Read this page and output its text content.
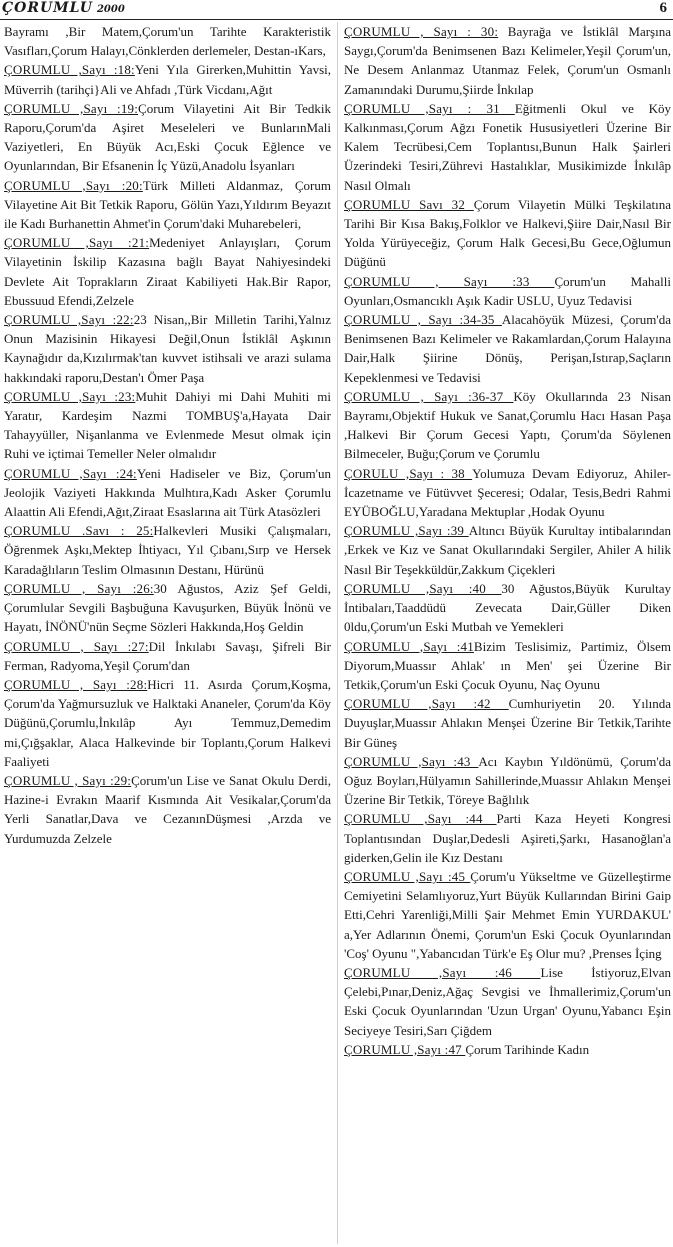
ÇORUMLU 2000	6

Bayramı ,Bir Matem,Çorum'un Tarihte Karakteristik Vasıfları,Çorum Halayı,Cönklerden derlemeler, Destan-ıKars,

ÇORUMLU ,Sayı :18:Yeni Yıla Girerken,Muhittin Yavsi, Müverrih (tarihçi}Ali ve Ahfadı ,Türk Vicdanı,Ağıt

ÇORUMLU ,Sayı :19:Çorum Vilayetini Ait Bir Tedkik Raporu,Çorum'da Aşiret Meseleleri ve BunlarınMali Vaziyetleri, En Büyük Acı,Eski Çocuk Eğlence ve Oyunlarından, Bir Efsanenin İç Yüzü,Anadolu İsyanları

ÇORUMLU ,Sayı :20:Türk Milleti Aldanmaz, Çorum Vilayetine Ait Bit Tetkik Raporu, Gölün Yazı,Yıldırım Beyazıt ile Kadı Burhanettin Ahmet'in Çorum'daki Muharebeleri,

ÇORUMLU ,Sayı :21:Medeniyet Anlayışları, Çorum Vilayetinin İskilip Kazasına bağlı Bayat Nahiyesindeki Devlete Ait Toprakların Ziraat Kabiliyeti Hak.Bir Rapor, Ebussuud Efendi,Zelzele

ÇORUMLU ,Sayı :22:23 Nisan,,Bir Milletin Tarihi,Yalnız Onun Mazisinin Hikayesi Değil,Onun İstiklâl Aşkının Kaynağıdır da,Kızılırmak'tan kuvvet istihsali ve arazi sulama hakkındaki raporu,Destan'ı Ömer Paşa

ÇORUMLU ,Sayı :23:Muhit Dahiyi mi Dahi Muhiti mi Yaratır, Kardeşim Nazmi TOMBUŞ'a,Hayata Dair Tahayyüller, Nişanlanma ve Evlenmede Mesut olmak için Ruhi ve içtimai Temeller Neler olmalıdır

ÇORUMLU ,Sayı :24:Yeni Hadiseler ve Biz, Çorum'un Jeolojik Vaziyeti Hakkında Mulhtıra,Kadı Asker Çorumlu Alaattin Ali Efendi,Ağıt,Ziraat Esaslarına ait Türk Atasözleri

ÇORUMLU .Savı : 25:Halkevleri Musiki Çalışmaları, Öğrenmek Aşkı,Mektep İhtiyacı, Yıl Çıbanı,Sırp ve Hersek Karadağlıların Teslim Olmasının Destanı, Hürünü

ÇORUMLU , Sayı :26:30 Ağustos, Aziz Şef Geldi, Çorumlular Sevgili Başbuğuna Kavuşurken, Büyük İnönü ve Hayatı, İNÖNÜ'nün Seçme Sözleri Hakkında,Hoş Geldin

ÇORUMLU , Sayı :27:Dil İnkılabı Savaşı, Şifreli Bir Ferman, Radyoma,Yeşil Çorum'dan

ÇORUMLU , Sayı :28:Hicri 11. Asırda Çorum,Koşma, Çorum'da Yağmursuzluk ve Halktaki Ananeler, Çorum'da Köy Düğünü,Çorumlu,İnkılâp Ayı Temmuz,Demedim mi,Çığşaklar, Alaca Halkevinde bir Toplantı,Çorum Halkevi Faaliyeti

ÇORUMLU , Sayı :29:Çorum'un Lise ve Sanat Okulu Derdi, Hazine-i Evrakın Maarif Kısmında Ait Vesikalar,Çorum'da Yerli Sanatlar,Dava ve CezanınDüşmesi ,Arzda ve Yurdumuzda Zelzele

ÇORUMLU , Sayı : 30: Bayrağa ve İstiklâl Marşına Saygı,Çorum'da Benimsenen Bazı Kelimeler,Yeşil Çorum'un, Ne Desem Anlanmaz Utanmaz Felek, Çorum'un Osmanlı Zamanındaki Durumu,Şiirde İnkılap

ÇORUMLU ,Sayı : 31 Eğitmenli Okul ve Köy Kalkınması,Çorum Ağzı Fonetik Hususiyetleri Üzerine Bir Kalem Tecrübesi,Cem Toplantısı,Bunun Halk Şairleri Üzerindeki Tesiri,Zührevi Hastalıklar, Musikimizde İnkılâp Nasıl Olmalı

ÇORUMLU Savı 32 Çorum Vilayetin Mülki Teşkilatına Tarihi Bir Kısa Bakış,Folklor ve Halkevi,Şiire Dair,Nasıl Bir Yolda Yürüyeceğiz, Çorum Halk Gecesi,Bu Gece,Oğlumun Düğünü

ÇORUMLU , Sayı :33 Çorum'un Mahalli Oyunları,Osmancıklı Aşık Kadir USLU, Uyuz Tedavisi

ÇORUMLU , Sayı :34-35 Alacahöyük Müzesi, Çorum'da Benimsenen Bazı Kelimeler ve Rakamlardan,Çorum Halayına Dair,Halk Şiirine Dönüş, Perişan,Istırap,Saçların Kepeklenmesi ve Tedavisi

ÇORUMLU , Sayı :36-37 Köy Okullarında 23 Nisan Bayramı,Objektif Hukuk ve Sanat,Çorumlu Hacı Hasan Paşa ,Halkevi Bir Çorum Gecesi Yaptı, Çorum'da Söylenen Bilmeceler, Buğu;Çorum ve Çorumlu

ÇORULU ,Sayı : 38 Yolumuza Devam Ediyoruz, Ahiler-İcazetname ve Fütüvvet Şeceresi; Odalar, Tesis,Bedri Rahmi EYÜBOĞLU,Yaradana Mektuplar ,Hodak Oyunu

ÇORUMLU ,Sayı :39 Altıncı Büyük Kurultay intibalarından ,Erkek ve Kız ve Sanat Okullarındaki Sergiler, Ahiler A hilik Nasıl Bir Teşekküldür,Zakkum Çiçekleri

ÇORUMLU ,Sayı :40 30 Ağustos,Büyük Kurultay İntibaları,Taaddüdü Zevecata Dair,Güller Diken 0ldu,Çorum'un Eski Mutbah ve Yemekleri

ÇORUMLU ,Sayı :41Bizim Teslisimiz, Partimiz, Ölsem Diyorum,Muassır Ahlak' ın Men' şei Üzerine Bir Tetkik,Çorum'un Eski Çocuk Oyunu, Naç Oyunu

ÇORUMLU ,Sayı :42 Cumhuriyetin 20. Yılında Duyuşlar,Muassır Ahlakın Menşei Üzerine Bir Tetkik,Tarihte Bir Güneş

ÇORUMLU ,Sayı :43 Acı Kaybın Yıldönümü, Çorum'da Oğuz Boyları,Hülyamın Sahillerinde,Muassır Ahlakın Menşei Üzerine Bir Tetkik, Töreye Bağlılık

ÇORUMLU ,Sayı :44 Parti Kaza Heyeti Kongresi Toplantısından Duşlar,Dedesli Aşireti,Şarkı, Hasanoğlan'a giderken,Gelin ile Kız Destanı

ÇORUMLU ,Sayı :45 Çorum'u Yükseltme ve Güzelleştirme Cemiyetini Selamlıyoruz,Yurt Büyük Kullarından Birini Gaip Etti,Cehri Yarenliği,Milli Şair Mehmet Emin YURDAKUL' a,Yer Adlarının Önemi, Çorum'un Eski Çocuk Oyunlarından 'Coş' Oyunu ",Yabancıdan Türk'e Eş Olur mu? ,Prenses İçing

ÇORUMLU ,Sayı :46 Lise İstiyoruz,Elvan Çelebi,Pınar,Deniz,Ağaç Sevgisi ve İhmallerimiz,Çorum'un Eski Çocuk Oyunlarından 'Uzun Urgan' Oyunu,Yabancı Eşin Seciyeye Tesiri,Sarı Çiğdem

ÇORUMLU ,Sayı :47 Çorum Tarihinde Kadın
